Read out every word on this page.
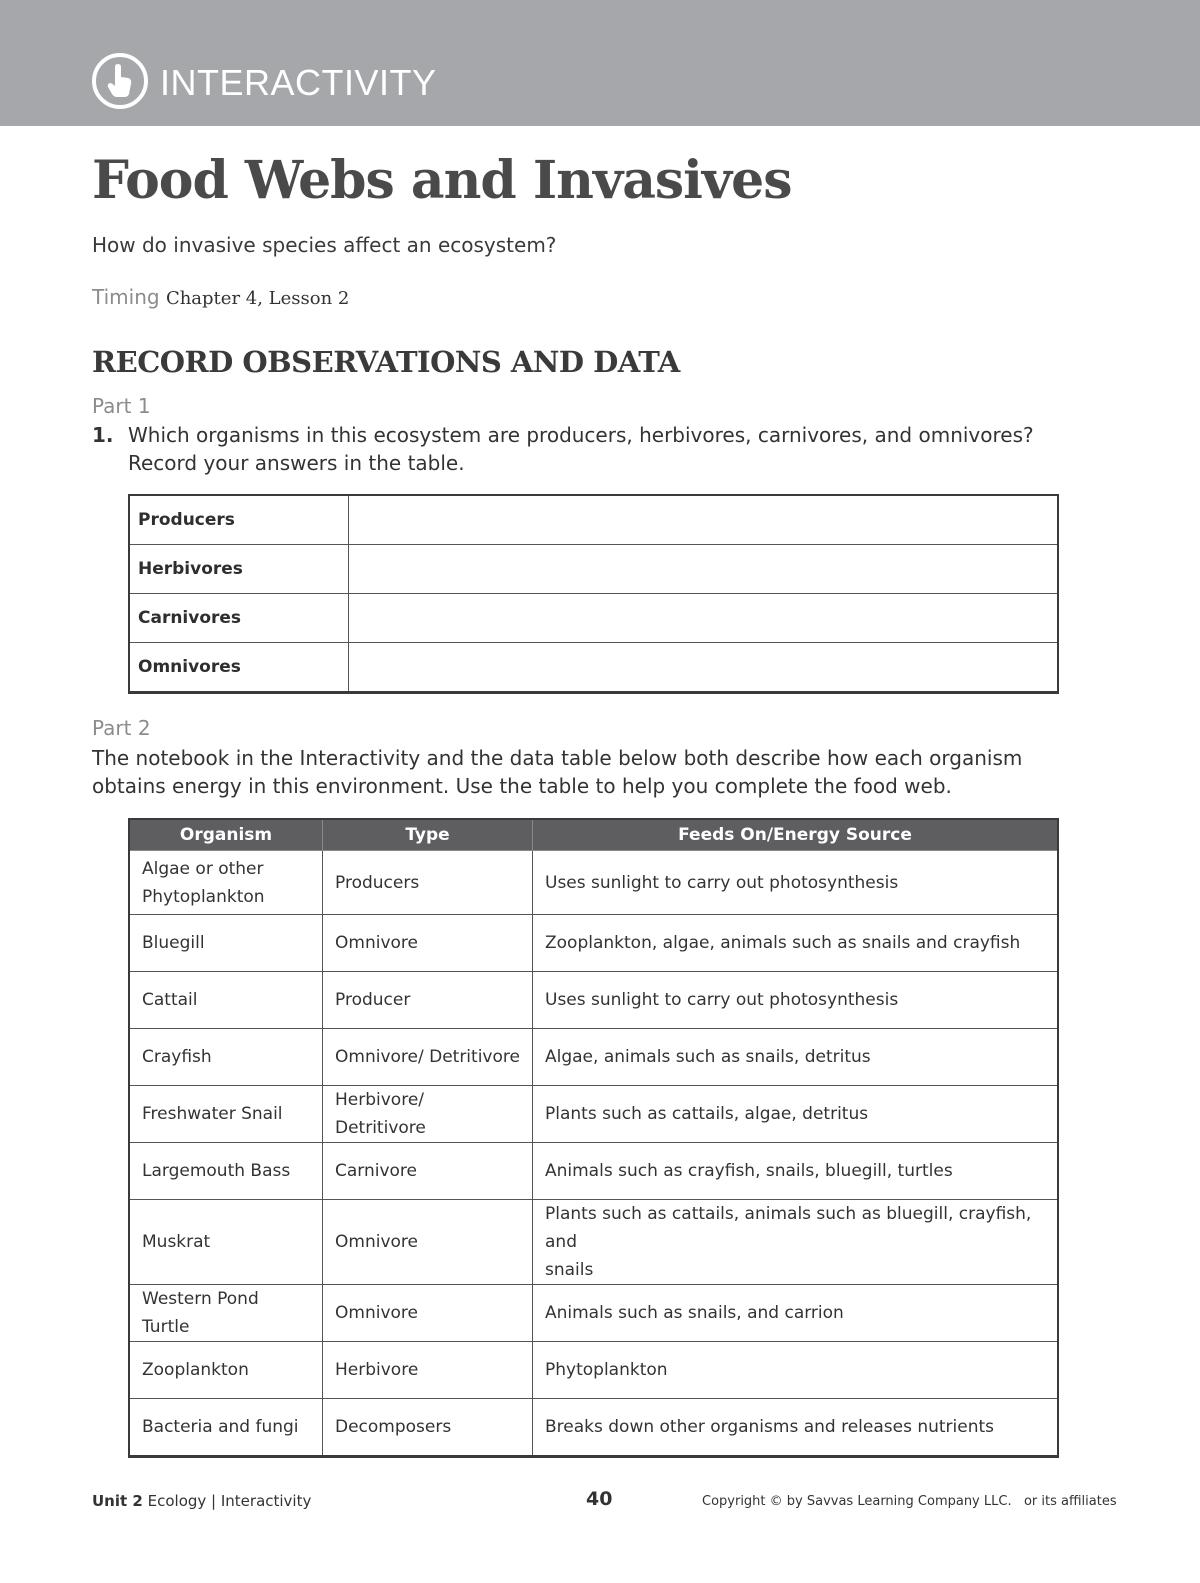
INTERACTIVITY
Food Webs and Invasives
How do invasive species affect an ecosystem?
Timing Chapter 4, Lesson 2
RECORD OBSERVATIONS AND DATA
Part 1
1. Which organisms in this ecosystem are producers, herbivores, carnivores, and omnivores?
Record your answers in the table.
Producers	
Herbivores	
Carnivores	
Omnivores	
Part 2
The notebook in the Interactivity and the data table below both describe how each organism
obtains energy in this environment. Use the table to help you complete the food web.
Organism	Type	Feeds On/Energy Source

Algae or other
Phytoplankton	Producers	Uses sunlight to carry out photosynthesis
Bluegill	Omnivore	Zooplankton, algae, animals such as snails and crayfish
Cattail	Producer	Uses sunlight to carry out photosynthesis
Crayfish	Omnivore/ Detritivore	Algae, animals such as snails, detritus
Freshwater Snail	Herbivore/ Detritivore	Plants such as cattails, algae, detritus
Largemouth Bass	Carnivore	Animals such as crayfish, snails, bluegill, turtles
Muskrat	Omnivore	Plants such as cattails, animals such as bluegill, crayfish, and
snails

Western Pond Turtle	Omnivore	Animals such as snails, and carrion
Zooplankton	Herbivore	Phytoplankton
Bacteria and fungi	Decomposers	Breaks down other organisms and releases nutrients
Unit 2 Ecology | Interactivity	40	Copyright © by Savvas Learning Company LLC.   or its affiliates
